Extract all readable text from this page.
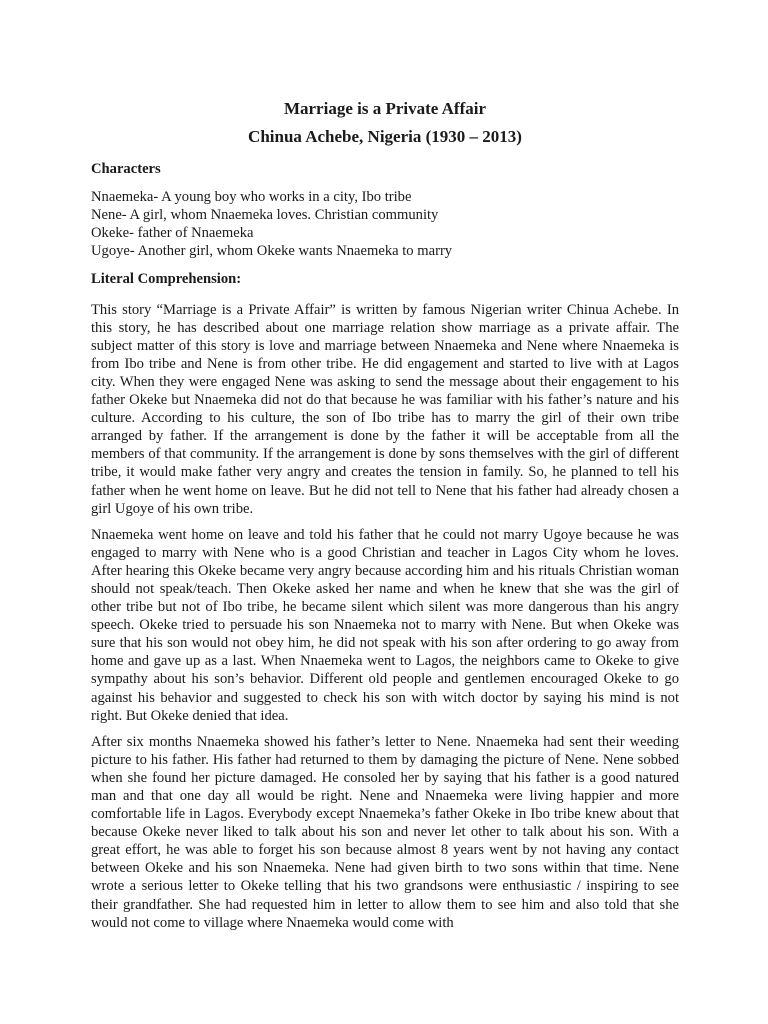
Marriage is a Private Affair
Chinua Achebe, Nigeria (1930 – 2013)
Characters
Nnaemeka- A young boy who works in a city, Ibo tribe
Nene- A girl, whom Nnaemeka loves. Christian community
Okeke- father of Nnaemeka
Ugoye- Another girl, whom Okeke wants Nnaemeka to marry
Literal Comprehension:

This story “Marriage is a Private Affair” is written by famous Nigerian writer Chinua Achebe. In this story, he has described about one marriage relation show marriage as a private affair. The subject matter of this story is love and marriage between Nnaemeka and Nene where Nnaemeka is from Ibo tribe and Nene is from other tribe. He did engagement and started to live with at Lagos city. When they were engaged Nene was asking to send the message about their engagement to his father Okeke but Nnaemeka did not do that because he was familiar with his father’s nature and his culture. According to his culture, the son of Ibo tribe has to marry the girl of their own tribe arranged by father. If the arrangement is done by the father it will be acceptable from all the members of that community. If the arrangement is done by sons themselves with the girl of different tribe, it would make father very angry and creates the tension in family. So, he planned to tell his father when he went home on leave. But he did not tell to Nene that his father had already chosen a girl Ugoye of his own tribe.

Nnaemeka went home on leave and told his father that he could not marry Ugoye because he was engaged to marry with Nene who is a good Christian and teacher in Lagos City whom he loves. After hearing this Okeke became very angry because according him and his rituals Christian woman should not speak/teach. Then Okeke asked her name and when he knew that she was the girl of other tribe but not of Ibo tribe, he became silent which silent was more dangerous than his angry speech. Okeke tried to persuade his son Nnaemeka not to marry with Nene. But when Okeke was sure that his son would not obey him, he did not speak with his son after ordering to go away from home and gave up as a last. When Nnaemeka went to Lagos, the neighbors came to Okeke to give sympathy about his son’s behavior. Different old people and gentlemen encouraged Okeke to go against his behavior and suggested to check his son with witch doctor by saying his mind is not right. But Okeke denied that idea.

After six months Nnaemeka showed his father’s letter to Nene. Nnaemeka had sent their weeding picture to his father. His father had returned to them by damaging the picture of Nene. Nene sobbed when she found her picture damaged. He consoled her by saying that his father is a good natured man and that one day all would be right. Nene and Nnaemeka were living happier and more comfortable life in Lagos. Everybody except Nnaemeka’s father Okeke in Ibo tribe knew about that because Okeke never liked to talk about his son and never let other to talk about his son. With a great effort, he was able to forget his son because almost 8 years went by not having any contact between Okeke and his son Nnaemeka. Nene had given birth to two sons within that time. Nene wrote a serious letter to Okeke telling that his two grandsons were enthusiastic / inspiring to see their grandfather. She had requested him in letter to allow them to see him and also told that she would not come to village where Nnaemeka would come with
